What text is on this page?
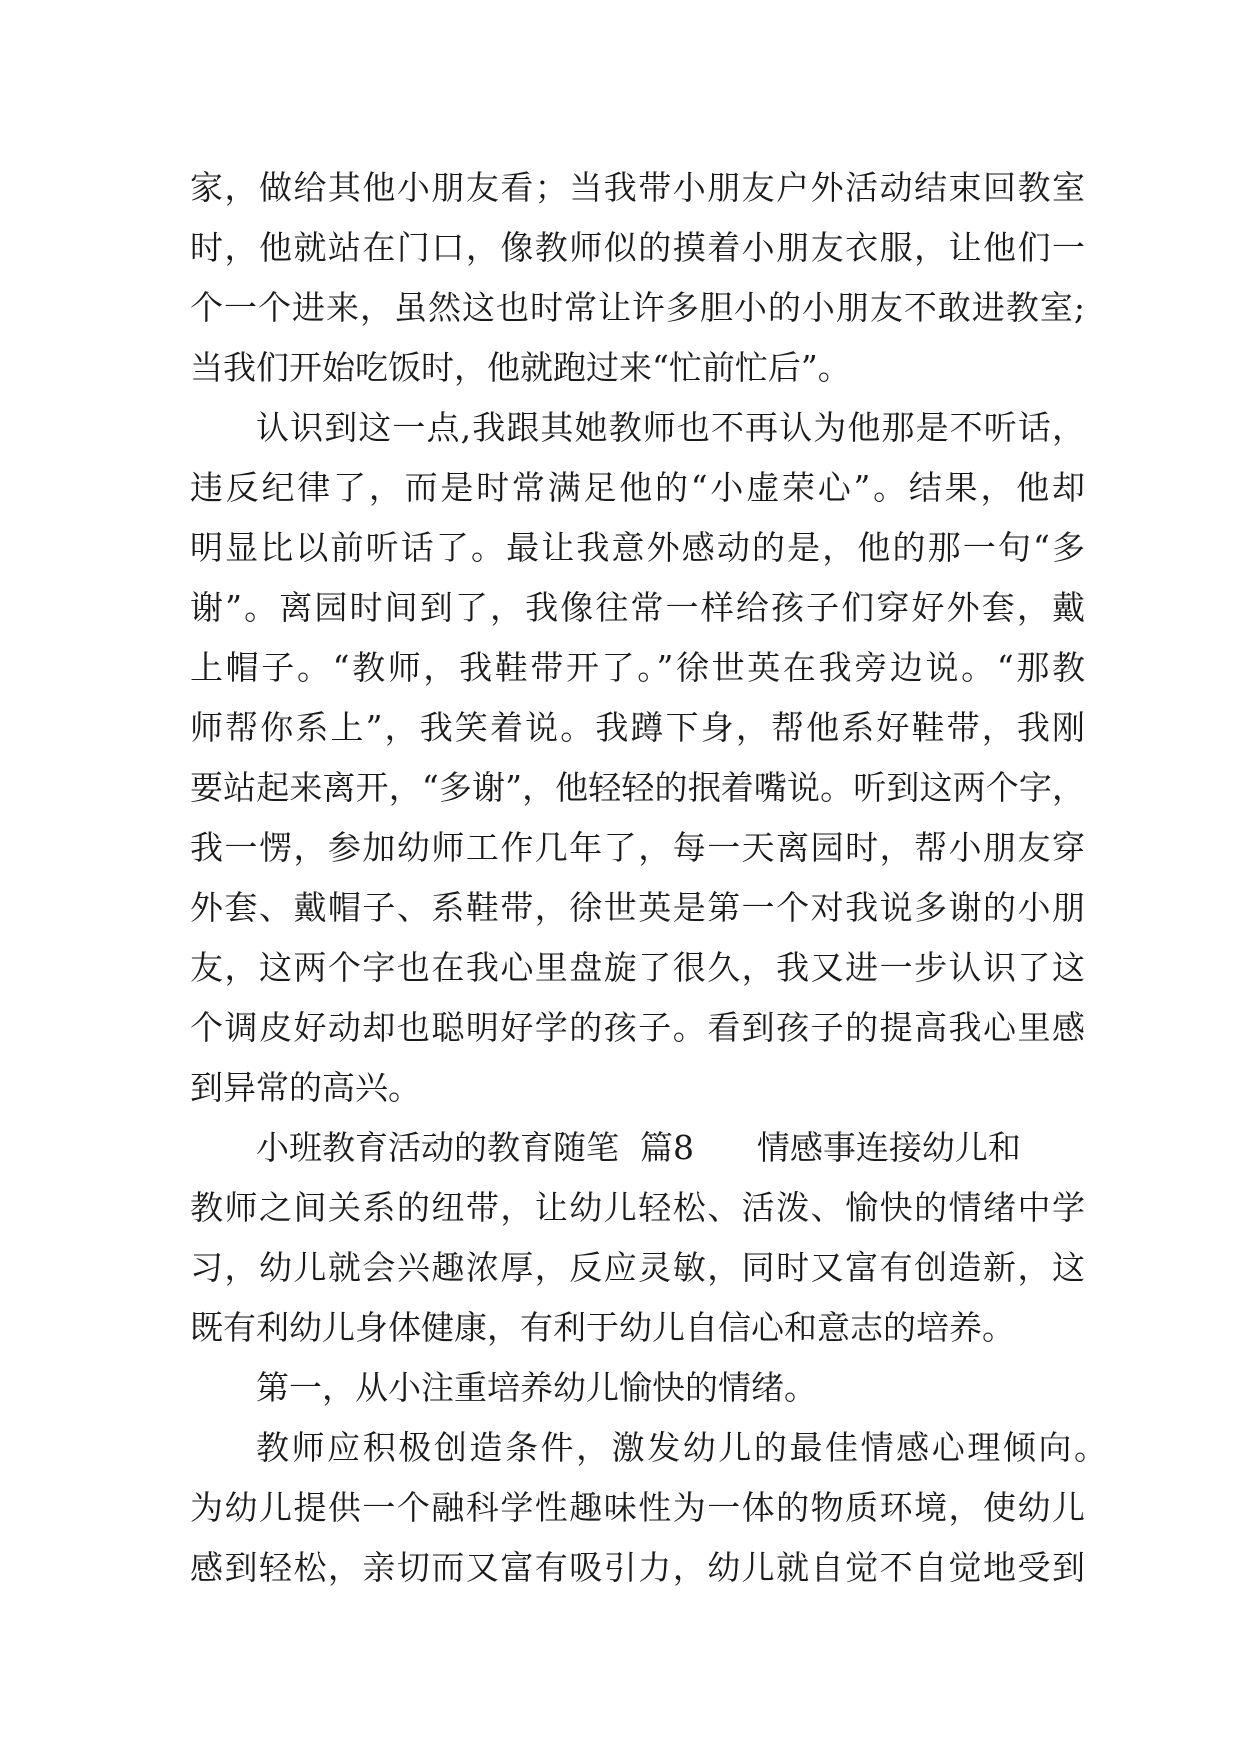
家，做给其他小朋友看；当我带小朋友户外活动结束回教室
时，他就站在门口，像教师似的摸着小朋友衣服，让他们一
个一个进来，虽然这也时常让许多胆小的小朋友不敢进教室;
当我们开始吃饭时，他就跑过来“忙前忙后”。
认识到这一点,我跟其她教师也不再认为他那是不听话，
违反纪律了，而是时常满足他的“小虚荣心”。结果，他却
明显比以前听话了。最让我意外感动的是，他的那一句“多
谢”。离园时间到了，我像往常一样给孩子们穿好外套，戴
上帽子。“教师，我鞋带开了。”徐世英在我旁边说。“那教
师帮你系上”，我笑着说。我蹲下身，帮他系好鞋带，我刚
要站起来离开，“多谢”，他轻轻的抿着嘴说。听到这两个字，
我一愣，参加幼师工作几年了，每一天离园时，帮小朋友穿
外套、戴帽子、系鞋带，徐世英是第一个对我说多谢的小朋
友，这两个字也在我心里盘旋了很久，我又进一步认识了这
个调皮好动却也聪明好学的孩子。看到孩子的提高我心里感
到异常的高兴。
小班教育活动的教育随笔  篇8      情感事连接幼儿和
教师之间关系的纽带，让幼儿轻松、活泼、愉快的情绪中学
习，幼儿就会兴趣浓厚，反应灵敏，同时又富有创造新，这
既有利幼儿身体健康，有利于幼儿自信心和意志的培养。
第一，从小注重培养幼儿愉快的情绪。
教师应积极创造条件，激发幼儿的最佳情感心理倾向。
为幼儿提供一个融科学性趣味性为一体的物质环境，使幼儿
感到轻松，亲切而又富有吸引力，幼儿就自觉不自觉地受到
